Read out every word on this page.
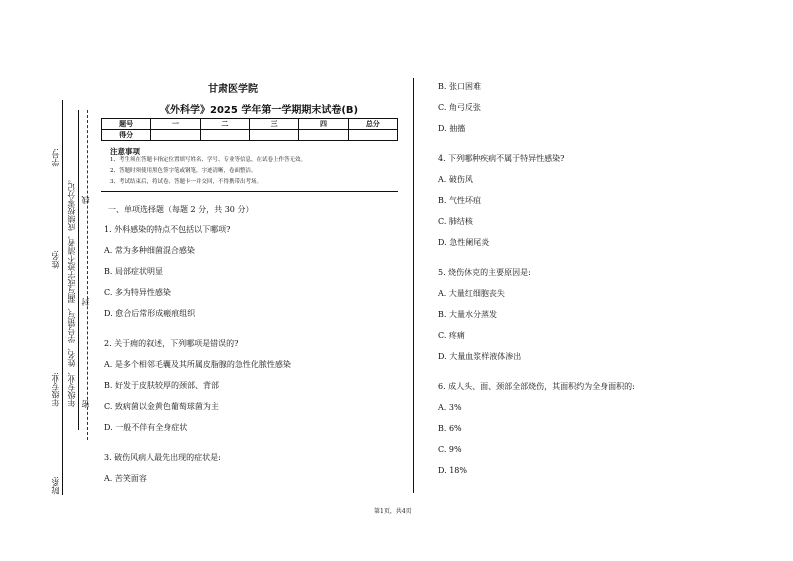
学号:
姓名:
年级专业:
院系:
年级专业、姓名、学号错写、漏写或字迹不清者，成绩按零分记。 密
封
线
甘肃医学院
《外科学》2025 学年第一学期期末试卷(B)
题号	一	二	三	四	总分
得分					
注意事项
1、考生须在答题卡指定位置填写姓名、学号、专业等信息，在试卷上作答无效。
2、答题时须使用黑色签字笔或钢笔，字迹清晰，卷面整洁。
3、考试结束后，将试卷、答题卡一并交回，不得携带出考场。
一、单项选择题（每题 2 分，共 30 分）
1. 外科感染的特点不包括以下哪项?
A. 常为多种细菌混合感染
B. 局部症状明显
C. 多为特异性感染
D. 愈合后常形成瘢痕组织
2. 关于痈的叙述，下列哪项是错误的?
A. 是多个相邻毛囊及其所属皮脂腺的急性化脓性感染
B. 好发于皮肤较厚的颈部、背部
C. 致病菌以金黄色葡萄球菌为主
D. 一般不伴有全身症状
3. 破伤风病人最先出现的症状是:
A. 苦笑面容
B. 张口困难
C. 角弓反张
D. 抽搐
4. 下列哪种疾病不属于特异性感染?
A. 破伤风
B. 气性坏疽
C. 肺结核
D. 急性阑尾炎
5. 烧伤休克的主要原因是:
A. 大量红细胞丧失
B. 大量水分蒸发
C. 疼痛
D. 大量血浆样液体渗出
6. 成人头、面、颈部全部烧伤，其面积约为全身面积的:
A. 3%
B. 6%
C. 9%
D. 18%
第1页，共4页
